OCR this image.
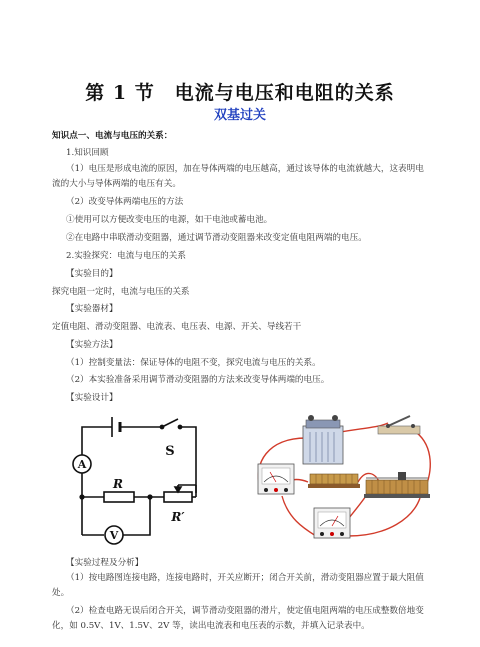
第 1 节　电流与电压和电阻的关系
双基过关
知识点一、电流与电压的关系：
1.知识回顾
（1）电压是形成电流的原因，加在导体两端的电压越高，通过该导体的电流就越大，这表明电流的大小与导体两端的电压有关。
（2）改变导体两端电压的方法
①使用可以方便改变电压的电源，如干电池或蓄电池。
②在电路中串联滑动变阻器，通过调节滑动变阻器来改变定值电阻两端的电压。
2.实验探究：电流与电压的关系
【实验目的】
探究电阻一定时，电流与电压的关系
【实验器材】
定值电阻、滑动变阻器、电流表、电压表、电源、开关、导线若干
【实验方法】
（1）控制变量法：保证导体的电阻不变，探究电流与电压的关系。
（2）本实验准备采用调节滑动变阻器的方法来改变导体两端的电压。
【实验设计】
A
S
R
R′
V
【实验过程及分析】
（1）按电路图连接电路，连接电路时，开关应断开；闭合开关前，滑动变阻器应置于最大阻值处。
（2）检查电路无误后闭合开关，调节滑动变阻器的滑片，使定值电阻两端的电压成整数倍地变化，如 0.5V、1V、1.5V、2V 等，读出电流表和电压表的示数，并填入记录表中。
